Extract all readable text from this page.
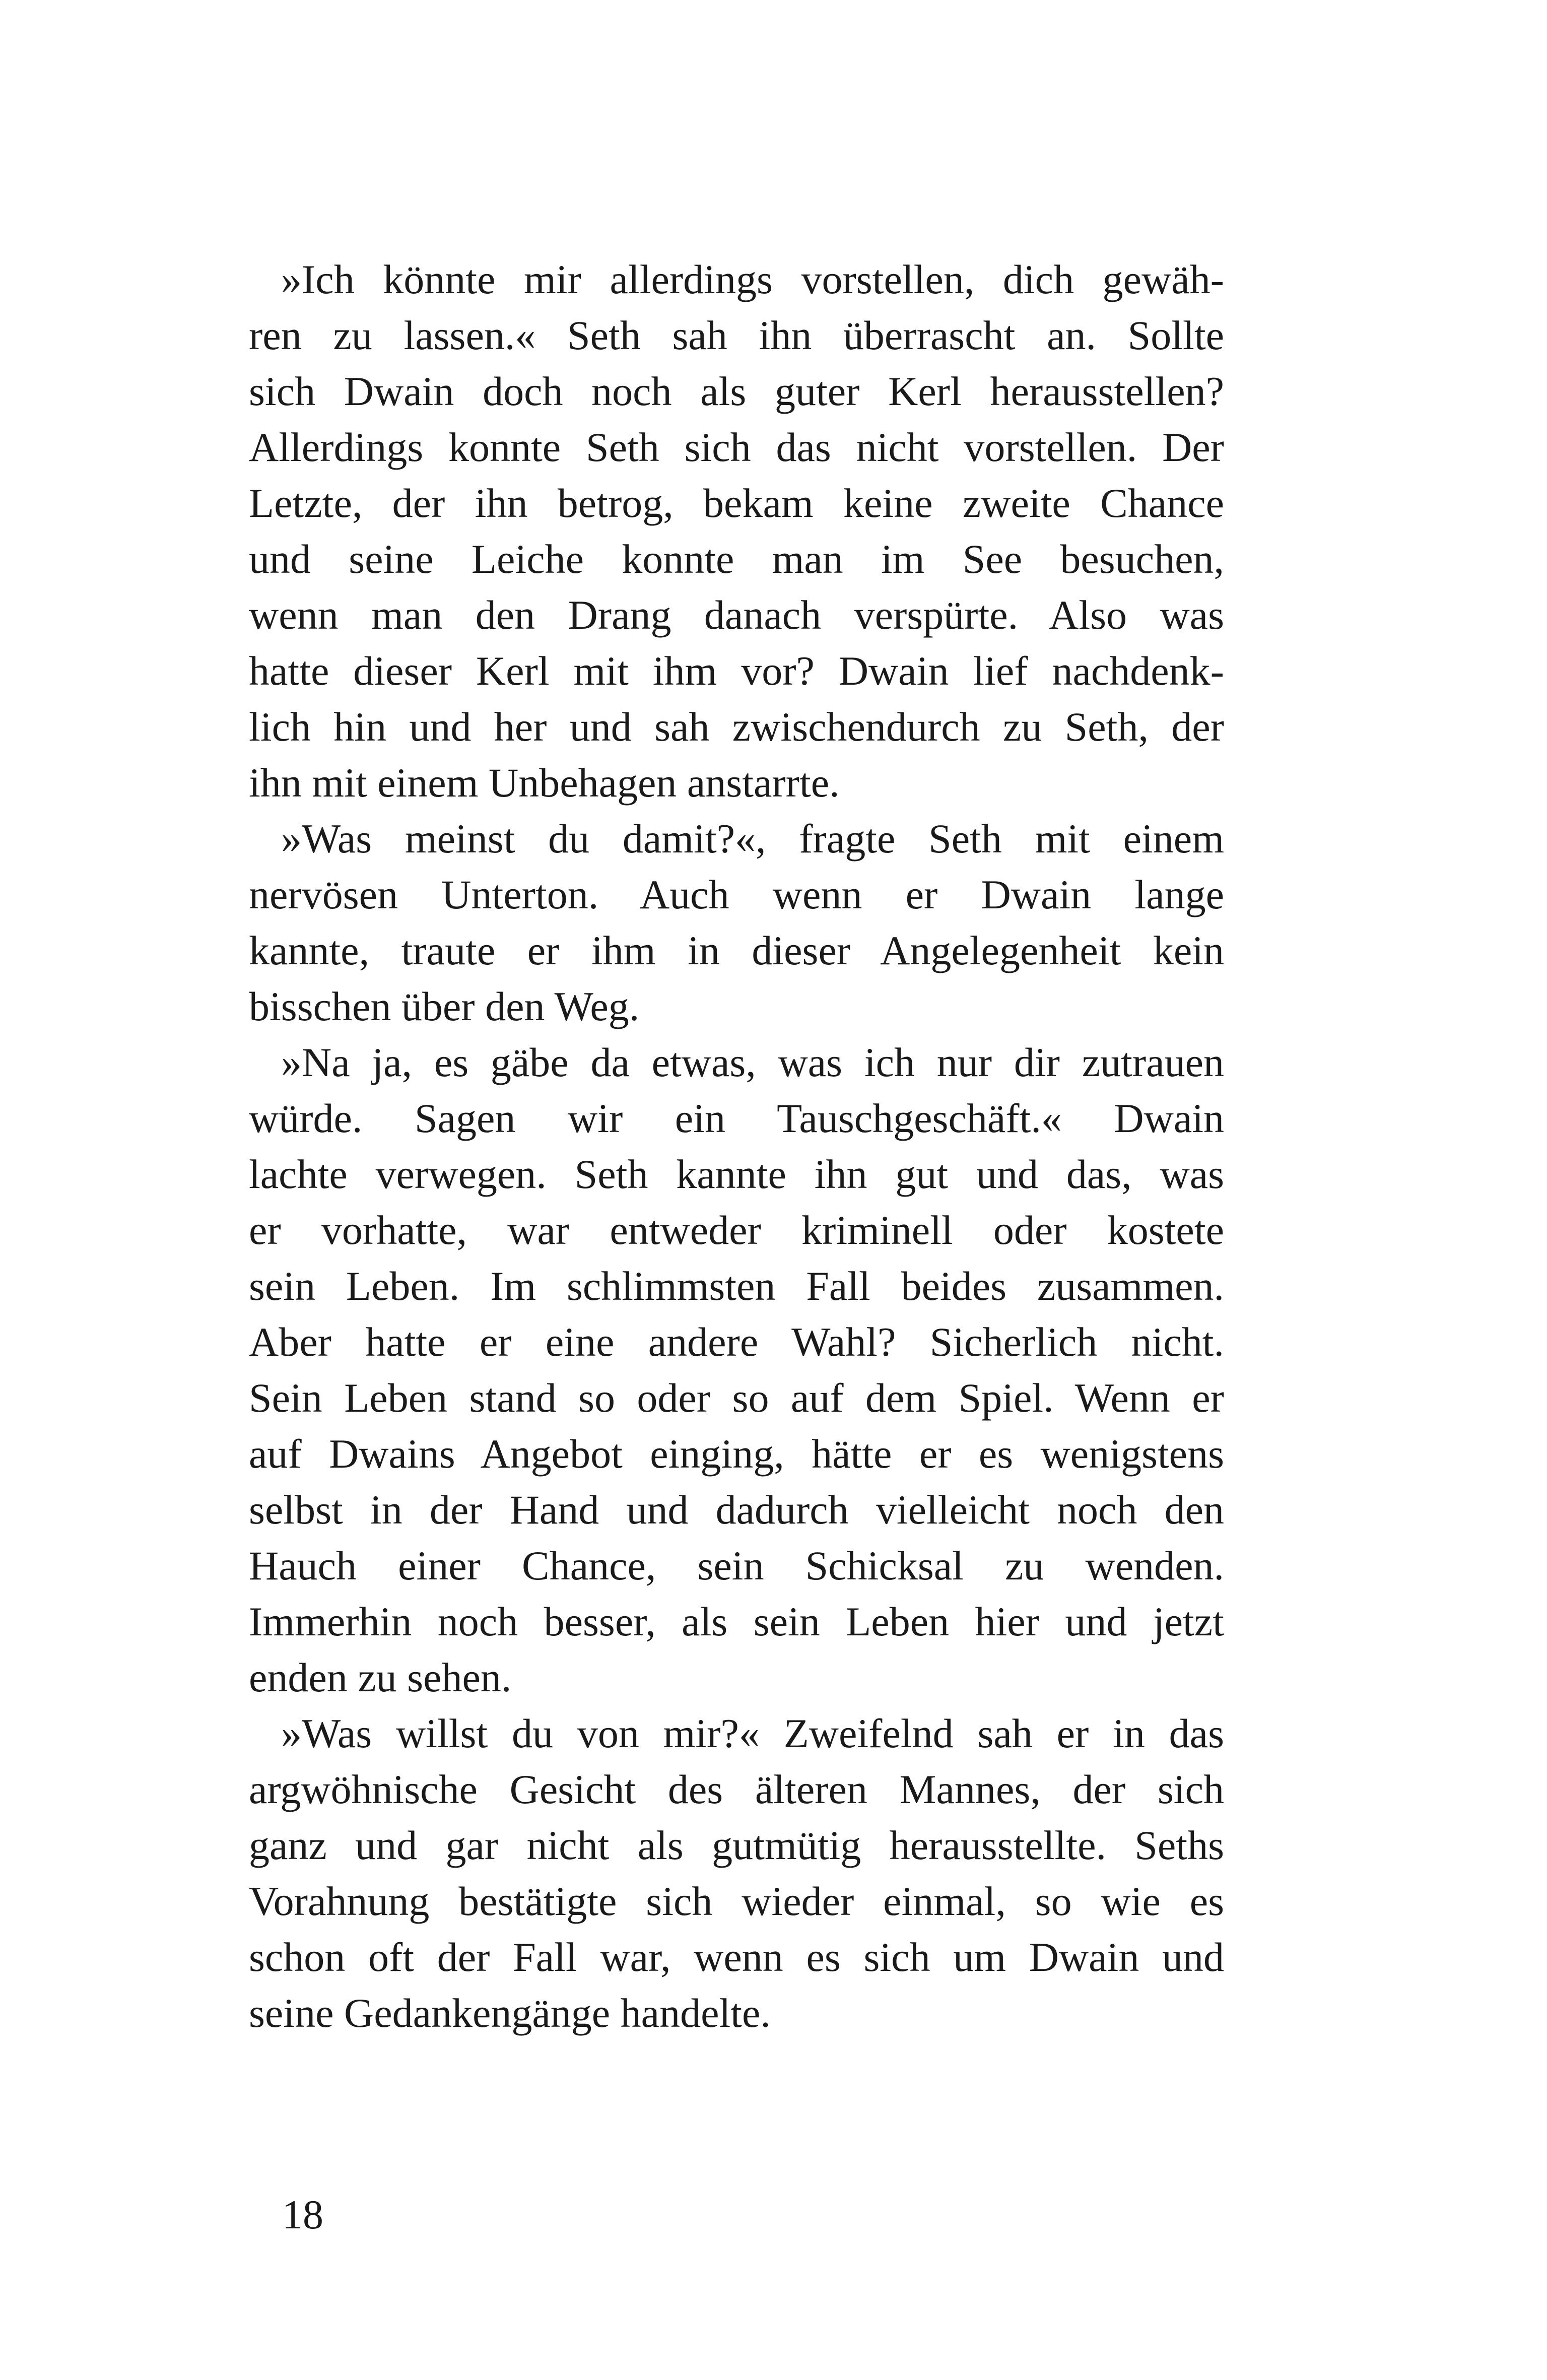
»Ich könnte mir allerdings vorstellen, dich gewäh-
ren zu lassen.« Seth sah ihn überrascht an. Sollte
sich Dwain doch noch als guter Kerl herausstellen?
Allerdings konnte Seth sich das nicht vorstellen. Der
Letzte, der ihn betrog, bekam keine zweite Chance
und seine Leiche konnte man im See besuchen,
wenn man den Drang danach verspürte. Also was
hatte dieser Kerl mit ihm vor? Dwain lief nachdenk-
lich hin und her und sah zwischendurch zu Seth, der
ihn mit einem Unbehagen anstarrte.
»Was meinst du damit?«, fragte Seth mit einem
nervösen Unterton. Auch wenn er Dwain lange
kannte, traute er ihm in dieser Angelegenheit kein
bisschen über den Weg.
»Na ja, es gäbe da etwas, was ich nur dir zutrauen
würde. Sagen wir ein Tauschgeschäft.« Dwain
lachte verwegen. Seth kannte ihn gut und das, was
er vorhatte, war entweder kriminell oder kostete
sein Leben. Im schlimmsten Fall beides zusammen.
Aber hatte er eine andere Wahl? Sicherlich nicht.
Sein Leben stand so oder so auf dem Spiel. Wenn er
auf Dwains Angebot einging, hätte er es wenigstens
selbst in der Hand und dadurch vielleicht noch den
Hauch einer Chance, sein Schicksal zu wenden.
Immerhin noch besser, als sein Leben hier und jetzt
enden zu sehen.
»Was willst du von mir?« Zweifelnd sah er in das
argwöhnische Gesicht des älteren Mannes, der sich
ganz und gar nicht als gutmütig herausstellte. Seths
Vorahnung bestätigte sich wieder einmal, so wie es
schon oft der Fall war, wenn es sich um Dwain und
seine Gedankengänge handelte.
18
